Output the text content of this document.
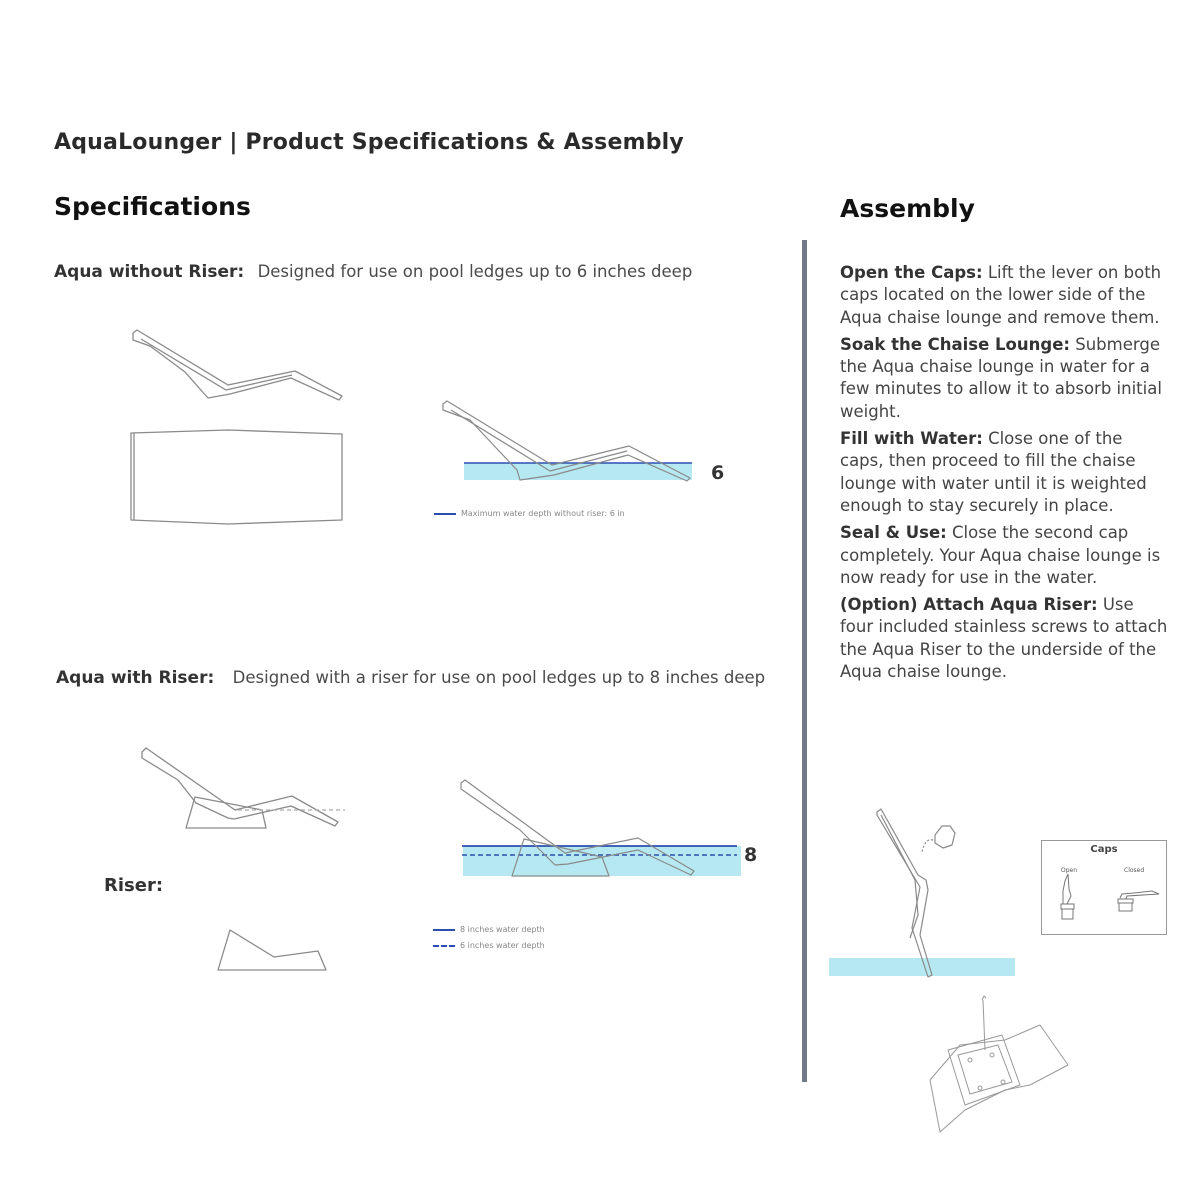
AquaLounger | Product Specifications & Assembly
Specifications	Assembly
Aqua without Riser: Designed for use on pool ledges up to 6 inches deep
6
Maximum water depth without riser: 6 in
Aqua with Riser: Designed with a riser for use on pool ledges up to 8 inches deep
Riser:
8
8 inches water depth
6 inches water depth

Open the Caps: Lift the lever on both caps located on the lower side of the Aqua chaise lounge and remove them.

Soak the Chaise Lounge: Submerge the Aqua chaise lounge in water for a few minutes to allow it to absorb initial weight.

Fill with Water: Close one of the caps, then proceed to fill the chaise lounge with water until it is weighted enough to stay securely in place.

Seal & Use: Close the second cap completely. Your Aqua chaise lounge is now ready for use in the water.

(Option) Attach Aqua Riser: Use four included stainless screws to attach the Aqua Riser to the underside of the Aqua chaise lounge.

Caps
Open	Closed
